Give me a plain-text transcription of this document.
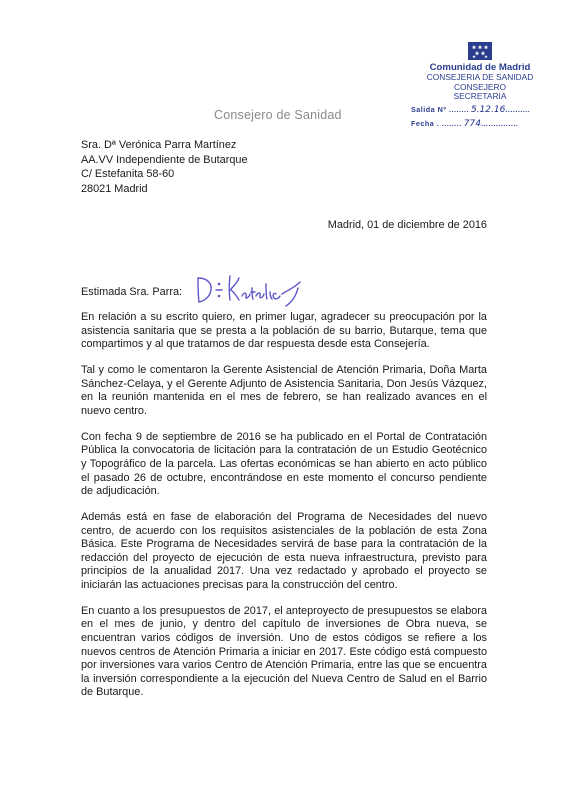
Comunidad de Madrid
CONSEJERIA DE SANIDAD
CONSEJERO
SECRETARIA
Salida Nº ........ 5.12.16..........
Fecha . ........ 774...............
Consejero de Sanidad
Sra. Dª Verónica Parra Martínez
AA.VV Independiente de Butarque
C/ Estefanita 58-60
28021 Madrid
Madrid, 01 de diciembre de 2016
Estimada Sra. Parra:

En relación a su escrito quiero, en primer lugar, agradecer su preocupación por la asistencia sanitaria que se presta a la población de su barrio, Butarque, tema que compartimos y al que tratamos de dar respuesta desde esta Consejería.

Tal y como le comentaron la Gerente Asistencial de Atención Primaria, Doña Marta Sánchez-Celaya, y el Gerente Adjunto de Asistencia Sanitaria, Don Jesús Vázquez, en la reunión mantenida en el mes de febrero, se han realizado avances en el nuevo centro.

Con fecha 9 de septiembre de 2016 se ha publicado en el Portal de Contratación Pública la convocatoria de licitación para la contratación de un Estudio Geotécnico y Topográfico de la parcela. Las ofertas económicas se han abierto en acto público el pasado 26 de octubre, encontrándose en este momento el concurso pendiente de adjudicación.

Además está en fase de elaboración del Programa de Necesidades del nuevo centro, de acuerdo con los requisitos asistenciales de la población de esta Zona Básica. Este Programa de Necesidades servirá de base para la contratación de la redacción del proyecto de ejecución de esta nueva infraestructura, previsto para principios de la anualidad 2017. Una vez redactado y aprobado el proyecto se iniciarán las actuaciones precisas para la construcción del centro.

En cuanto a los presupuestos de 2017, el anteproyecto de presupuestos se elabora en el mes de junio, y dentro del capítulo de inversiones de Obra nueva, se encuentran varios códigos de inversión. Uno de estos códigos se refiere a los nuevos centros de Atención Primaria a iniciar en 2017. Este código está compuesto por inversiones vara varios Centro de Atención Primaria, entre las que se encuentra la inversión correspondiente a la ejecución del Nueva Centro de Salud en el Barrio de Butarque.
